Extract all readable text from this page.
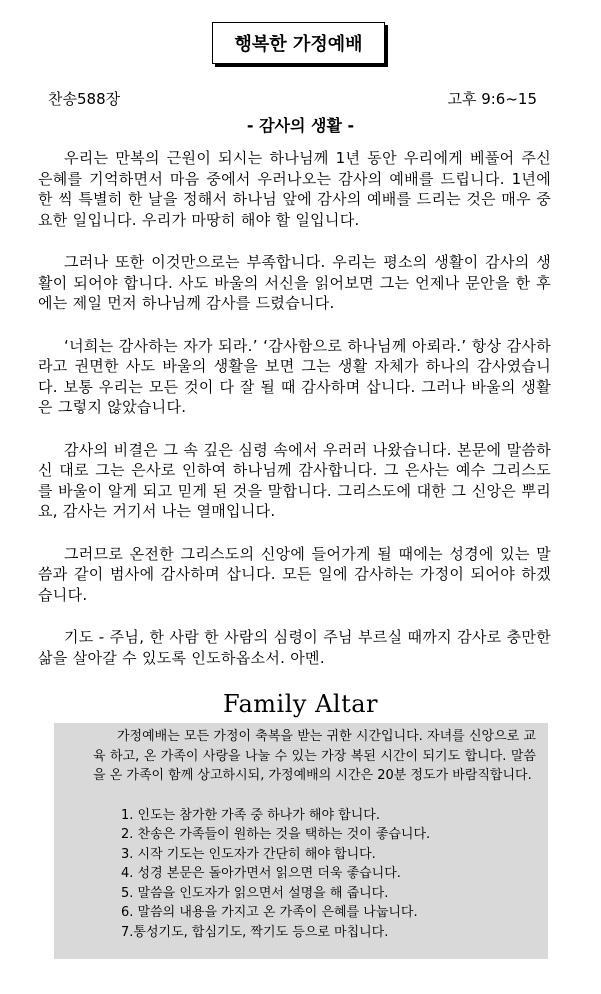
행복한 가정예배
찬송588장	고후 9:6~15
- 감사의 생활 -

우리는 만복의 근원이 되시는 하나님께 1년 동안 우리에게 베풀어 주신 은혜를 기억하면서 마음 중에서 우러나오는 감사의 예배를 드립니다. 1년에 한 씩 특별히 한 날을 정해서 하나님 앞에 감사의 예배를 드리는 것은 매우 중요한 일입니다. 우리가 마땅히 해야 할 일입니다.

그러나 또한 이것만으로는 부족합니다. 우리는 평소의 생활이 감사의 생활이 되어야 합니다. 사도 바울의 서신을 읽어보면 그는 언제나 문안을 한 후에는 제일 먼저 하나님께 감사를 드렸습니다.

‘너희는 감사하는 자가 되라.’ ‘감사함으로 하나님께 아뢰라.’ 항상 감사하라고 권면한 사도 바울의 생활을 보면 그는 생활 자체가 하나의 감사였습니다. 보통 우리는 모든 것이 다 잘 될 때 감사하며 삽니다. 그러나 바울의 생활은 그렇지 않았습니다.

감사의 비결은 그 속 깊은 심령 속에서 우러러 나왔습니다. 본문에 말씀하신 대로 그는 은사로 인하여 하나님께 감사합니다. 그 은사는 예수 그리스도를 바울이 알게 되고 믿게 된 것을 말합니다. 그리스도에 대한 그 신앙은 뿌리요, 감사는 거기서 나는 열매입니다.

그러므로 온전한 그리스도의 신앙에 들어가게 될 때에는 성경에 있는 말씀과 같이 범사에 감사하며 삽니다. 모든 일에 감사하는 가정이 되어야 하겠습니다.

기도 - 주님, 한 사람 한 사람의 심령이 주님 부르실 때까지 감사로 충만한 삶을 살아갈 수 있도록 인도하옵소서. 아멘.

Family Altar

가정예배는 모든 가정이 축복을 받는 귀한 시간입니다. 자녀를 신앙으로 교육 하고, 온 가족이 사랑을 나눌 수 있는 가장 복된 시간이 되기도 합니다. 말씀을 온 가족이 함께 상고하시되, 가정예배의 시간은 20분 정도가 바람직합니다.

1. 인도는 참가한 가족 중 하나가 해야 합니다.
2. 찬송은 가족들이 원하는 것을 택하는 것이 좋습니다.
3. 시작 기도는 인도자가 간단히 해야 합니다.
4. 성경 본문은 돌아가면서 읽으면 더욱 좋습니다.
5. 말씀을 인도자가 읽으면서 설명을 해 줍니다.
6. 말씀의 내용을 가지고 온 가족이 은혜를 나눕니다.
7.통성기도, 합심기도, 짝기도 등으로 마칩니다.
